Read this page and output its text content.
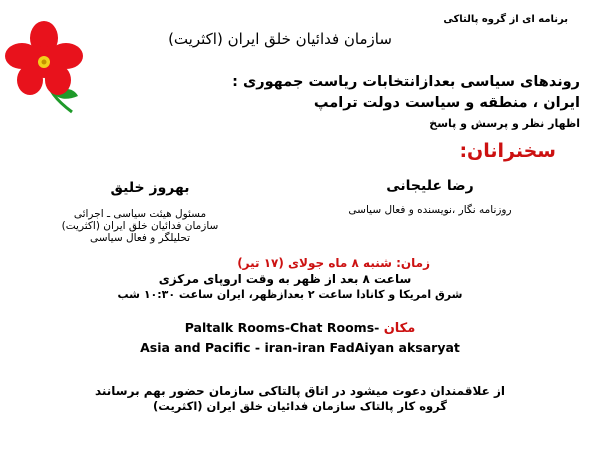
برنامه ای از گروه پالتاکی
سازمان فدائیان خلق ایران (اکثریت)
روندهای سیاسی بعدازانتخابات ریاست جمهوری :
ایران ، منطقه و سیاست دولت ترامپ
اظهار نظر و پرسش و پاسخ
سخنرانان:
رضا علیجانی
روزنامه نگار ،نویسنده و فعال سیاسی
بهروز خلیق
مسئول هیئت سیاسی ـ اجرائی
سازمان فدائیان خلق ایران (اکثریت)
تحلیلگر و فعال سیاسی
زمان: شنبه ۸ ماه جولای (۱۷ تیر)
ساعت ۸ بعد از ظهر به وقت اروپای مرکزی
شرق امریکا و کانادا ساعت ۲ بعدازظهر، ایران ساعت ۱۰:۳۰ شب
مکان Paltalk Rooms-Chat Rooms-
Asia and Pacific - iran-iran FadAiyan aksaryat
از علاقمندان دعوت میشود در اتاق پالتاکی سازمان حضور بهم برسانند
گروه کار پالتاک سازمان فدائیان خلق ایران (اکثریت)
